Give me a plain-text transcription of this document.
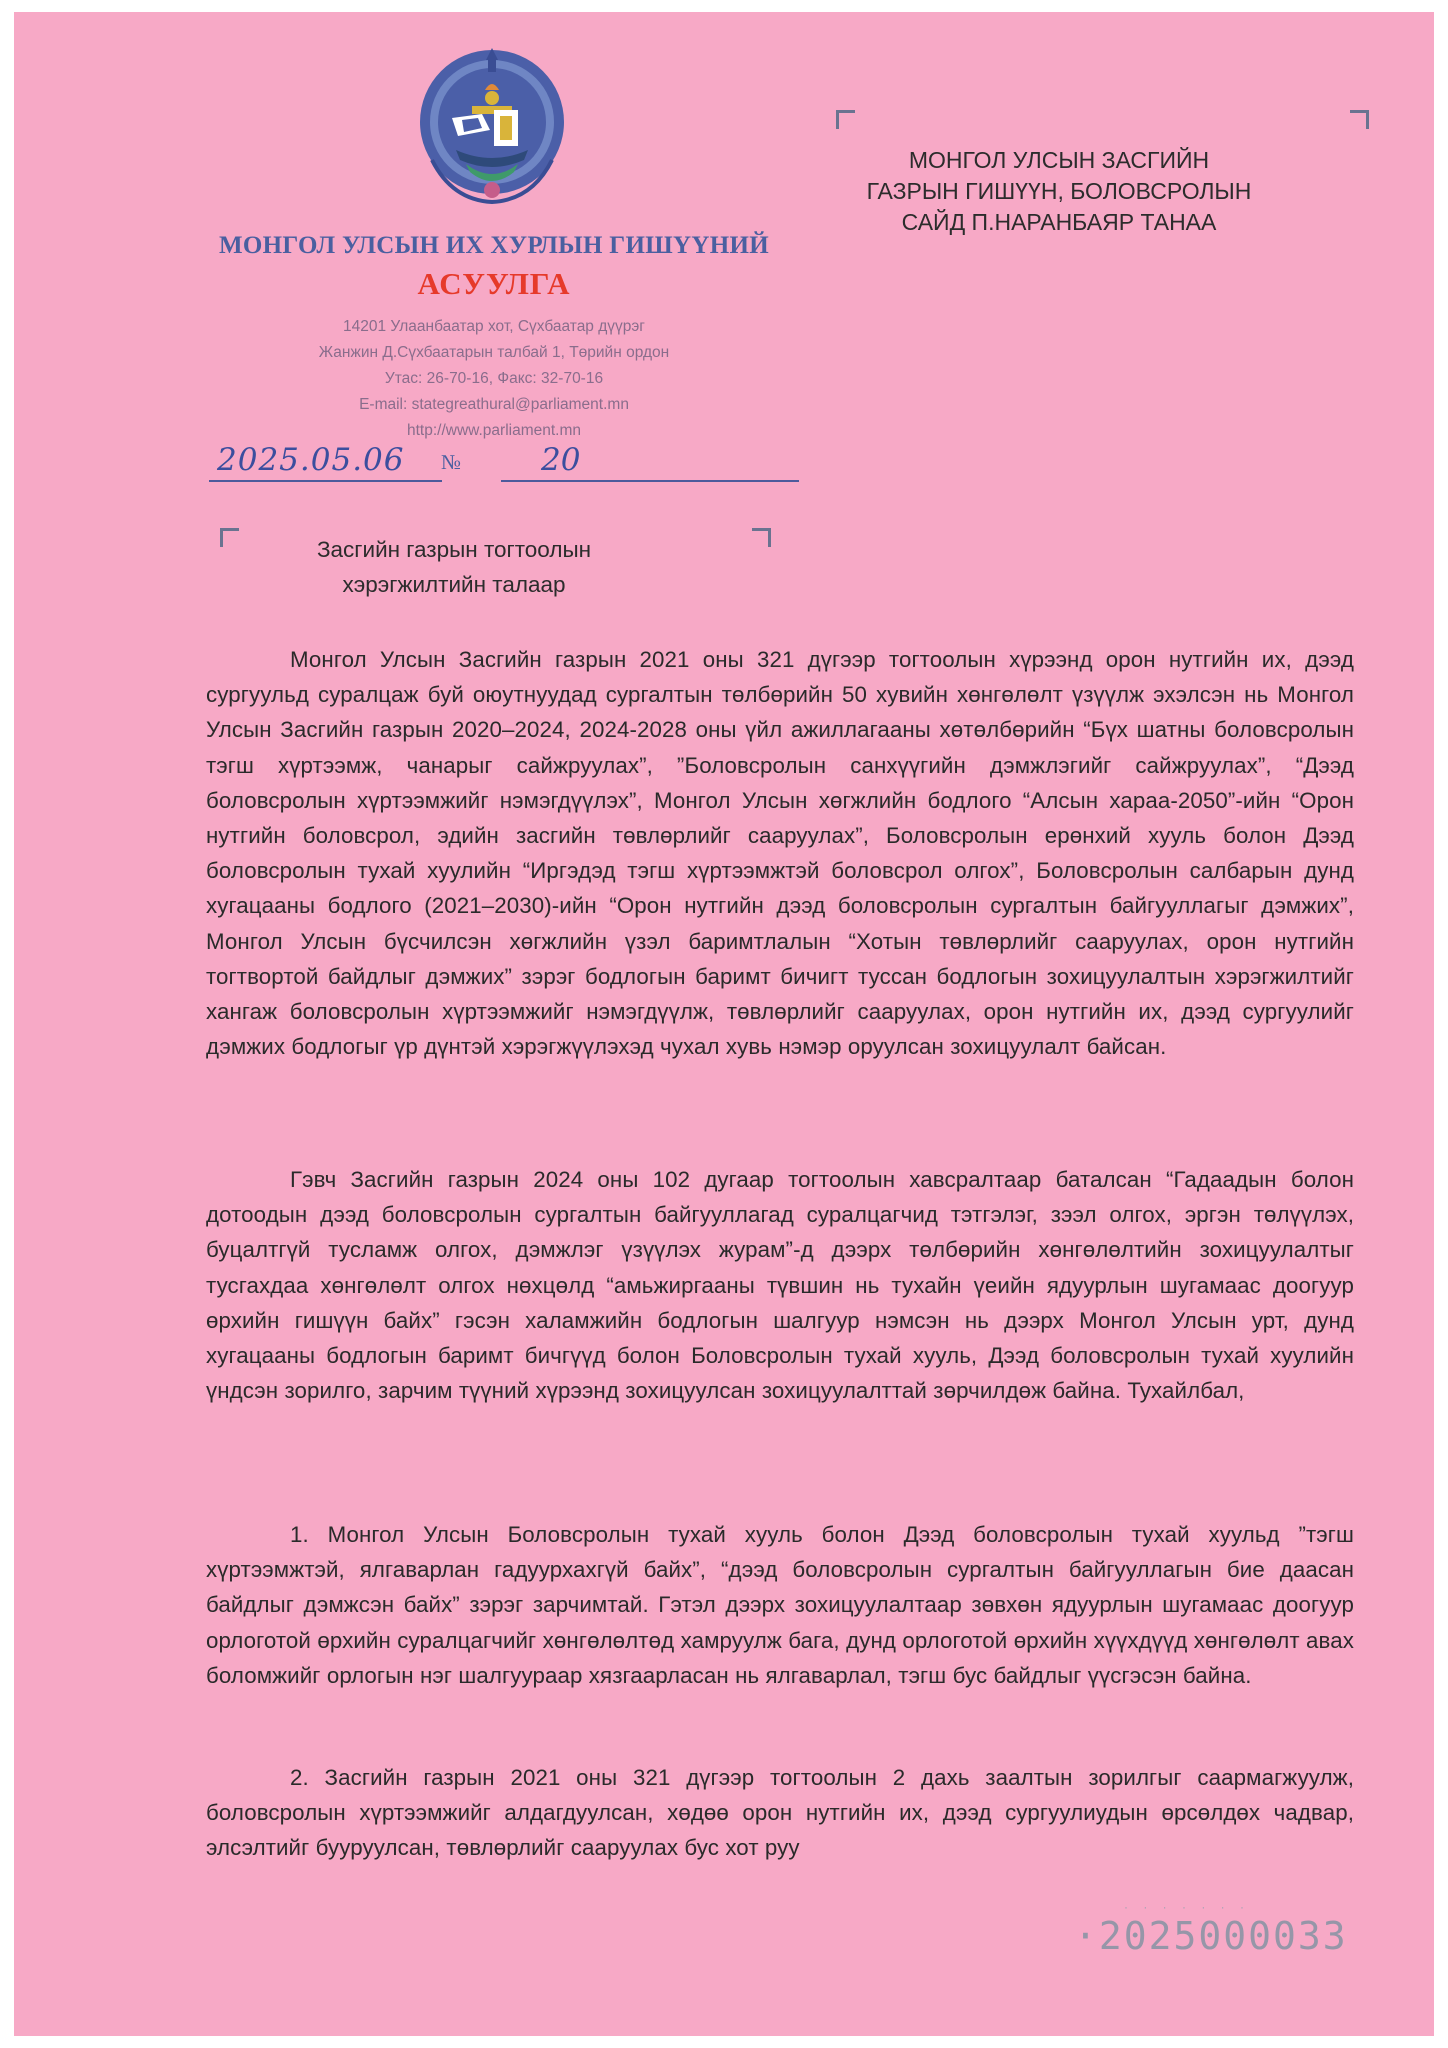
МОНГОЛ УЛСЫН ИХ ХУРЛЫН ГИШҮҮНИЙ
АСУУЛГА
14201 Улаанбаатар хот, Сүхбаатар дүүрэг
Жанжин Д.Сүхбаатарын талбай 1, Төрийн ордон
Утас: 26-70-16, Факс: 32-70-16
E-mail: stategreathural@parliament.mn
http://www.parliament.mn
2025.05.06	№	20
МОНГОЛ УЛСЫН ЗАСГИЙН
ГАЗРЫН ГИШҮҮН, БОЛОВСРОЛЫН
САЙД П.НАРАНБАЯР ТАНАА
Засгийн газрын тогтоолын
хэрэгжилтийн талаар
Монгол Улсын Засгийн газрын 2021 оны 321 дүгээр тогтоолын хүрээнд орон нутгийн их, дээд сургуульд суралцаж буй оюутнуудад сургалтын төлбөрийн 50 хувийн хөнгөлөлт үзүүлж эхэлсэн нь Монгол Улсын Засгийн газрын 2020–2024, 2024-2028 оны үйл ажиллагааны хөтөлбөрийн “Бүх шатны боловсролын тэгш хүртээмж, чанарыг сайжруулах”, ”Боловсролын санхүүгийн дэмжлэгийг сайжруулах”, “Дээд боловсролын хүртээмжийг нэмэгдүүлэх”, Монгол Улсын хөгжлийн бодлого “Алсын хараа-2050”-ийн “Орон нутгийн боловсрол, эдийн засгийн төвлөрлийг сааруулах”, Боловсролын ерөнхий хууль болон Дээд боловсролын тухай хуулийн “Иргэдэд тэгш хүртээмжтэй боловсрол олгох”, Боловсролын салбарын дунд хугацааны бодлого (2021–2030)-ийн “Орон нутгийн дээд боловсролын сургалтын байгууллагыг дэмжих”, Монгол Улсын бүсчилсэн хөгжлийн үзэл баримтлалын “Хотын төвлөрлийг сааруулах, орон нутгийн тогтвортой байдлыг дэмжих” зэрэг бодлогын баримт бичигт туссан бодлогын зохицуулалтын хэрэгжилтийг хангаж боловсролын хүртээмжийг нэмэгдүүлж, төвлөрлийг сааруулах, орон нутгийн их, дээд сургуулийг дэмжих бодлогыг үр дүнтэй хэрэгжүүлэхэд чухал хувь нэмэр оруулсан зохицуулалт байсан.
Гэвч Засгийн газрын 2024 оны 102 дугаар тогтоолын хавсралтаар баталсан “Гадаадын болон дотоодын дээд боловсролын сургалтын байгууллагад суралцагчид тэтгэлэг, зээл олгох, эргэн төлүүлэх, буцалтгүй тусламж олгох, дэмжлэг үзүүлэх журам”-д дээрх төлбөрийн хөнгөлөлтийн зохицуулалтыг тусгахдаа хөнгөлөлт олгох нөхцөлд “амьжиргааны түвшин нь тухайн үеийн ядуурлын шугамаас доогуур өрхийн гишүүн байх” гэсэн халамжийн бодлогын шалгуур нэмсэн нь дээрх Монгол Улсын урт, дунд хугацааны бодлогын баримт бичгүүд болон Боловсролын тухай хууль, Дээд боловсролын тухай хуулийн үндсэн зорилго, зарчим түүний хүрээнд зохицуулсан зохицуулалттай зөрчилдөж байна. Тухайлбал,
1. Монгол Улсын Боловсролын тухай хууль болон Дээд боловсролын тухай хуульд ”тэгш хүртээмжтэй, ялгаварлан гадуурхахгүй байх”, “дээд боловсролын сургалтын байгууллагын бие даасан байдлыг дэмжсэн байх” зэрэг зарчимтай. Гэтэл дээрх зохицуулалтаар зөвхөн ядуурлын шугамаас доогуур орлоготой өрхийн суралцагчийг хөнгөлөлтөд хамруулж бага, дунд орлоготой өрхийн хүүхдүүд хөнгөлөлт авах боломжийг орлогын нэг шалгуураар хязгаарласан нь ялгаварлал, тэгш бус байдлыг үүсгэсэн байна.
2. Засгийн газрын 2021 оны 321 дүгээр тогтоолын 2 дахь заалтын зорилгыг саармагжуулж, боловсролын хүртээмжийг алдагдуулсан, хөдөө орон нутгийн их, дээд сургуулиудын өрсөлдөх чадвар, элсэлтийг бууруулсан, төвлөрлийг сааруулах бус хот руу
· · · · · · ·
·2025000033
